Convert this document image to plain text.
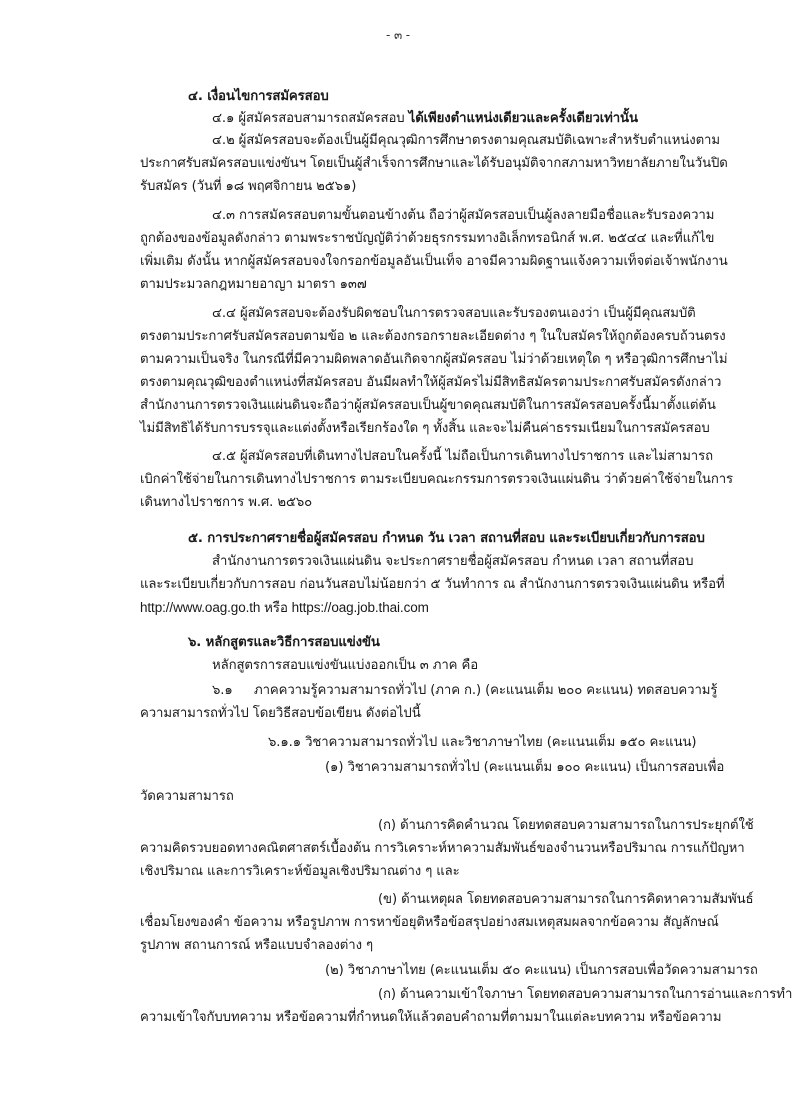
- ๓ -
๔. เงื่อนไขการสมัครสอบ
๔.๑ ผู้สมัครสอบสามารถสมัครสอบ ได้เพียงตำแหน่งเดียวและครั้งเดียวเท่านั้น
๔.๒ ผู้สมัครสอบจะต้องเป็นผู้มีคุณวุฒิการศึกษาตรงตามคุณสมบัติเฉพาะสำหรับตำแหน่งตาม
ประกาศรับสมัครสอบแข่งขันฯ โดยเป็นผู้สำเร็จการศึกษาและได้รับอนุมัติจากสภามหาวิทยาลัยภายในวันปิด
รับสมัคร (วันที่ ๑๘ พฤศจิกายน ๒๕๖๑)
๔.๓ การสมัครสอบตามขั้นตอนข้างต้น ถือว่าผู้สมัครสอบเป็นผู้ลงลายมือชื่อและรับรองความ
ถูกต้องของข้อมูลดังกล่าว ตามพระราชบัญญัติว่าด้วยธุรกรรมทางอิเล็กทรอนิกส์ พ.ศ. ๒๕๔๔ และที่แก้ไข
เพิ่มเติม ดังนั้น หากผู้สมัครสอบจงใจกรอกข้อมูลอันเป็นเท็จ อาจมีความผิดฐานแจ้งความเท็จต่อเจ้าพนักงาน
ตามประมวลกฎหมายอาญา มาตรา ๑๓๗
๔.๔ ผู้สมัครสอบจะต้องรับผิดชอบในการตรวจสอบและรับรองตนเองว่า เป็นผู้มีคุณสมบัติ
ตรงตามประกาศรับสมัครสอบตามข้อ ๒ และต้องกรอกรายละเอียดต่าง ๆ ในใบสมัครให้ถูกต้องครบถ้วนตรง
ตามความเป็นจริง ในกรณีที่มีความผิดพลาดอันเกิดจากผู้สมัครสอบ ไม่ว่าด้วยเหตุใด ๆ หรือวุฒิการศึกษาไม่
ตรงตามคุณวุฒิของตำแหน่งที่สมัครสอบ อันมีผลทำให้ผู้สมัครไม่มีสิทธิสมัครตามประกาศรับสมัครดังกล่าว
สำนักงานการตรวจเงินแผ่นดินจะถือว่าผู้สมัครสอบเป็นผู้ขาดคุณสมบัติในการสมัครสอบครั้งนี้มาตั้งแต่ต้น
ไม่มีสิทธิได้รับการบรรจุและแต่งตั้งหรือเรียกร้องใด ๆ ทั้งสิ้น และจะไม่คืนค่าธรรมเนียมในการสมัครสอบ
๔.๕ ผู้สมัครสอบที่เดินทางไปสอบในครั้งนี้ ไม่ถือเป็นการเดินทางไปราชการ และไม่สามารถ
เบิกค่าใช้จ่ายในการเดินทางไปราชการ ตามระเบียบคณะกรรมการตรวจเงินแผ่นดิน ว่าด้วยค่าใช้จ่ายในการ
เดินทางไปราชการ พ.ศ. ๒๕๖๐
๕. การประกาศรายชื่อผู้สมัครสอบ กำหนด วัน เวลา สถานที่สอบ และระเบียบเกี่ยวกับการสอบ
สำนักงานการตรวจเงินแผ่นดิน จะประกาศรายชื่อผู้สมัครสอบ กำหนด เวลา สถานที่สอบ
และระเบียบเกี่ยวกับการสอบ ก่อนวันสอบไม่น้อยกว่า ๕ วันทำการ ณ สำนักงานการตรวจเงินแผ่นดิน หรือที่
http://www.oag.go.th หรือ https://oag.job.thai.com
๖. หลักสูตรและวิธีการสอบแข่งขัน
หลักสูตรการสอบแข่งขันแบ่งออกเป็น ๓ ภาค คือ
๖.๑ ภาคความรู้ความสามารถทั่วไป (ภาค ก.) (คะแนนเต็ม ๒๐๐ คะแนน) ทดสอบความรู้
ความสามารถทั่วไป โดยวิธีสอบข้อเขียน ดังต่อไปนี้
๖.๑.๑ วิชาความสามารถทั่วไป และวิชาภาษาไทย (คะแนนเต็ม ๑๕๐ คะแนน)
(๑) วิชาความสามารถทั่วไป (คะแนนเต็ม ๑๐๐ คะแนน) เป็นการสอบเพื่อ
วัดความสามารถ
(ก) ด้านการคิดคำนวณ โดยทดสอบความสามารถในการประยุกต์ใช้
ความคิดรวบยอดทางคณิตศาสตร์เบื้องต้น การวิเคราะห์หาความสัมพันธ์ของจำนวนหรือปริมาณ การแก้ปัญหา
เชิงปริมาณ และการวิเคราะห์ข้อมูลเชิงปริมาณต่าง ๆ และ
(ข) ด้านเหตุผล โดยทดสอบความสามารถในการคิดหาความสัมพันธ์
เชื่อมโยงของคำ ข้อความ หรือรูปภาพ การหาข้อยุติหรือข้อสรุปอย่างสมเหตุสมผลจากข้อความ สัญลักษณ์
รูปภาพ สถานการณ์ หรือแบบจำลองต่าง ๆ
(๒) วิชาภาษาไทย (คะแนนเต็ม ๕๐ คะแนน) เป็นการสอบเพื่อวัดความสามารถ
(ก) ด้านความเข้าใจภาษา โดยทดสอบความสามารถในการอ่านและการทำ
ความเข้าใจกับบทความ หรือข้อความที่กำหนดให้แล้วตอบคำถามที่ตามมาในแต่ละบทความ หรือข้อความ
